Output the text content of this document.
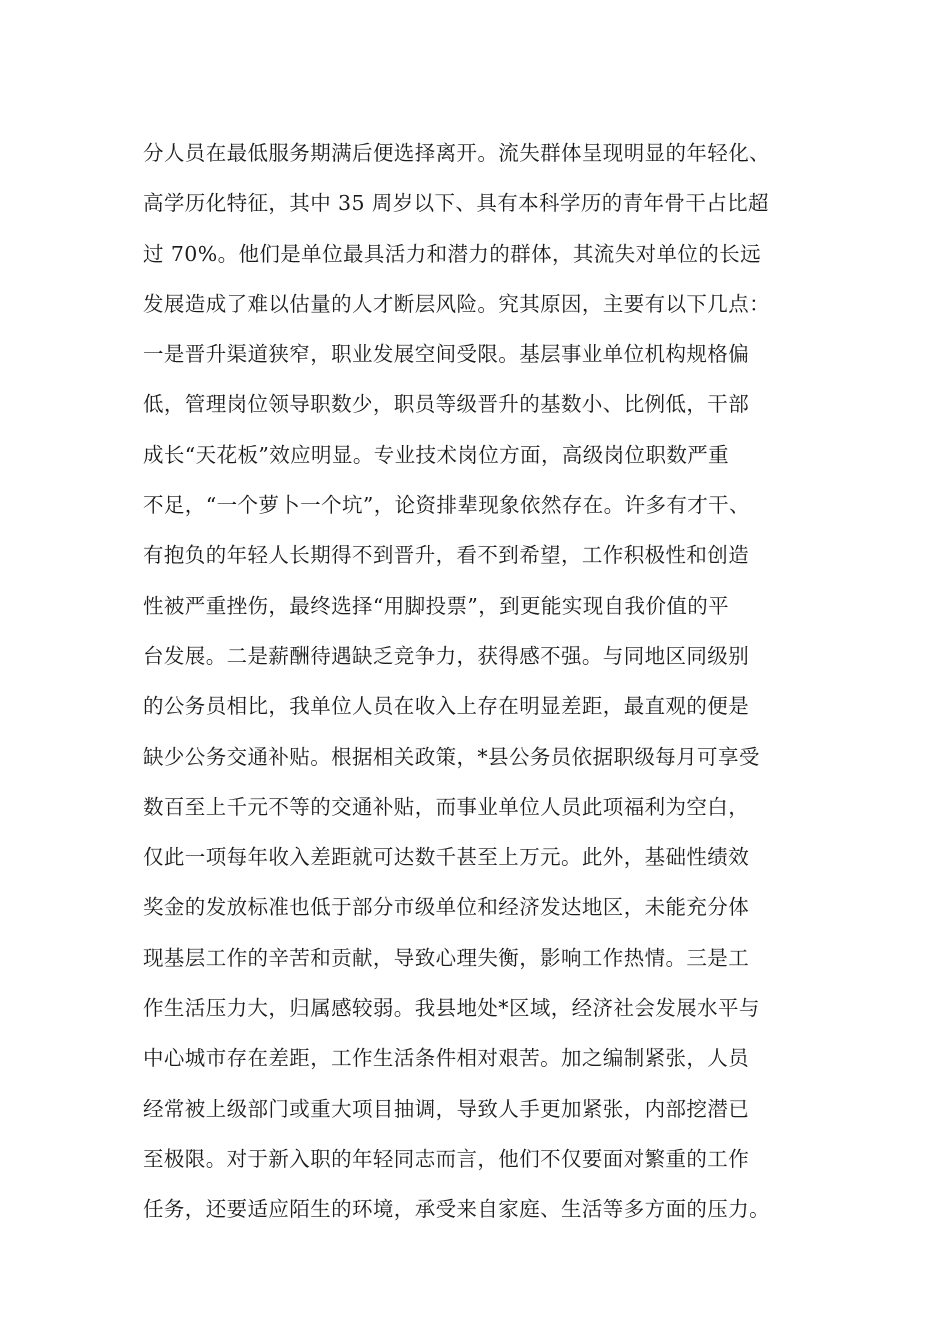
分人员在最低服务期满后便选择离开。流失群体呈现明显的年轻化、
高学历化特征，其中 35 周岁以下、具有本科学历的青年骨干占比超
过 70%。他们是单位最具活力和潜力的群体，其流失对单位的长远
发展造成了难以估量的人才断层风险。究其原因，主要有以下几点：
一是晋升渠道狭窄，职业发展空间受限。基层事业单位机构规格偏
低，管理岗位领导职数少，职员等级晋升的基数小、比例低，干部
成长“天花板”效应明显。专业技术岗位方面，高级岗位职数严重
不足，“一个萝卜一个坑”，论资排辈现象依然存在。许多有才干、
有抱负的年轻人长期得不到晋升，看不到希望，工作积极性和创造
性被严重挫伤，最终选择“用脚投票”，到更能实现自我价值的平
台发展。二是薪酬待遇缺乏竞争力，获得感不强。与同地区同级别
的公务员相比，我单位人员在收入上存在明显差距，最直观的便是
缺少公务交通补贴。根据相关政策，*县公务员依据职级每月可享受
数百至上千元不等的交通补贴，而事业单位人员此项福利为空白，
仅此一项每年收入差距就可达数千甚至上万元。此外，基础性绩效
奖金的发放标准也低于部分市级单位和经济发达地区，未能充分体
现基层工作的辛苦和贡献，导致心理失衡，影响工作热情。三是工
作生活压力大，归属感较弱。我县地处*区域，经济社会发展水平与
中心城市存在差距，工作生活条件相对艰苦。加之编制紧张，人员
经常被上级部门或重大项目抽调，导致人手更加紧张，内部挖潜已
至极限。对于新入职的年轻同志而言，他们不仅要面对繁重的工作
任务，还要适应陌生的环境，承受来自家庭、生活等多方面的压力。
